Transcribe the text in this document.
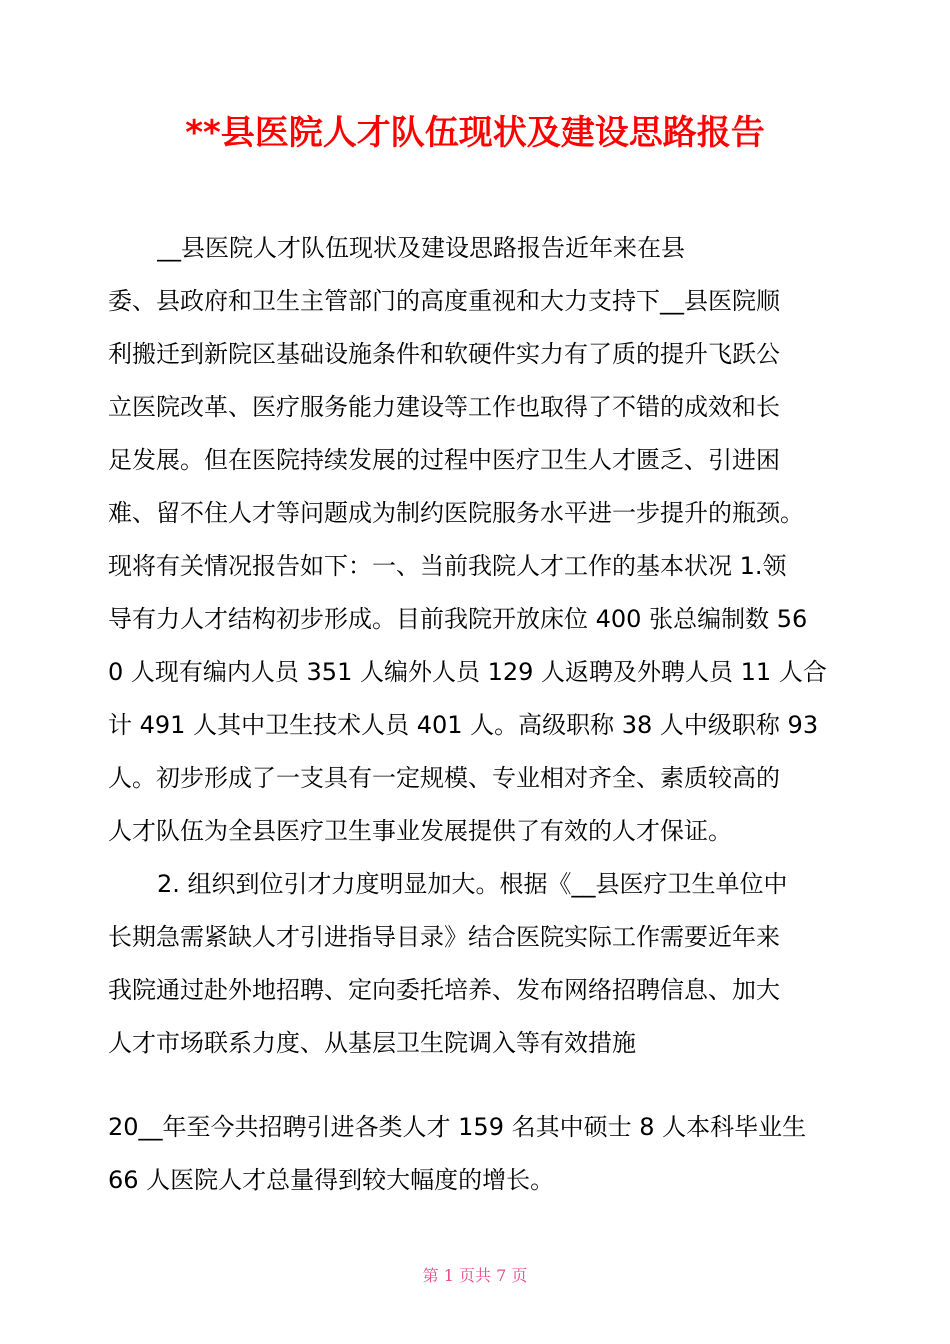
**县医院人才队伍现状及建设思路报告
__县医院人才队伍现状及建设思路报告近年来在县
委、县政府和卫生主管部门的高度重视和大力支持下__县医院顺
利搬迁到新院区基础设施条件和软硬件实力有了质的提升飞跃公
立医院改革、医疗服务能力建设等工作也取得了不错的成效和长
足发展。但在医院持续发展的过程中医疗卫生人才匮乏、引进困
难、留不住人才等问题成为制约医院服务水平进一步提升的瓶颈。
现将有关情况报告如下：一、当前我院人才工作的基本状况 1.领
导有力人才结构初步形成。目前我院开放床位 400 张总编制数 56
0 人现有编内人员 351 人编外人员 129 人返聘及外聘人员 11 人合
计 491 人其中卫生技术人员 401 人。高级职称 38 人中级职称 93
人。初步形成了一支具有一定规模、专业相对齐全、素质较高的
人才队伍为全县医疗卫生事业发展提供了有效的人才保证。
2. 组织到位引才力度明显加大。根据《__县医疗卫生单位中
长期急需紧缺人才引进指导目录》结合医院实际工作需要近年来
我院通过赴外地招聘、定向委托培养、发布网络招聘信息、加大
人才市场联系力度、从基层卫生院调入等有效措施
20__年至今共招聘引进各类人才 159 名其中硕士 8 人本科毕业生
66 人医院人才总量得到较大幅度的增长。
第 1 页共 7 页
